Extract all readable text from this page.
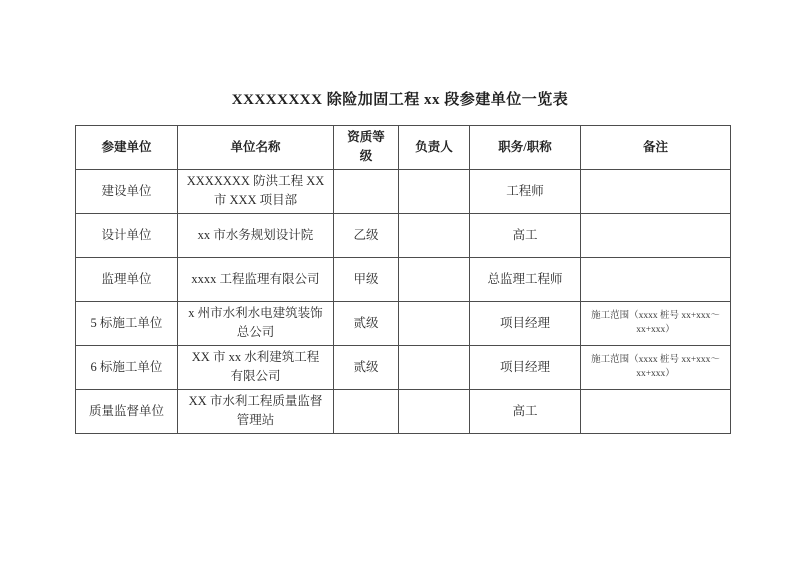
XXXXXXXX 除险加固工程 xx 段参建单位一览表
参建单位	单位名称	资质等级	负责人	职务/职称	备注
建设单位	XXXXXXX 防洪工程 XX 市 XXX 项目部			工程师	
设计单位	xx 市水务规划设计院	乙级		高工	
监理单位	xxxx 工程监理有限公司	甲级		总监理工程师	
5 标施工单位	x 州市水利水电建筑装饰总公司	贰级		项目经理	施工范围（xxxx 桩号 xx+xxx～xx+xxx）
6 标施工单位	XX 市 xx 水利建筑工程有限公司	贰级		项目经理	施工范围（xxxx 桩号 xx+xxx～xx+xxx）
质量监督单位	XX 市水利工程质量监督管理站			高工	
